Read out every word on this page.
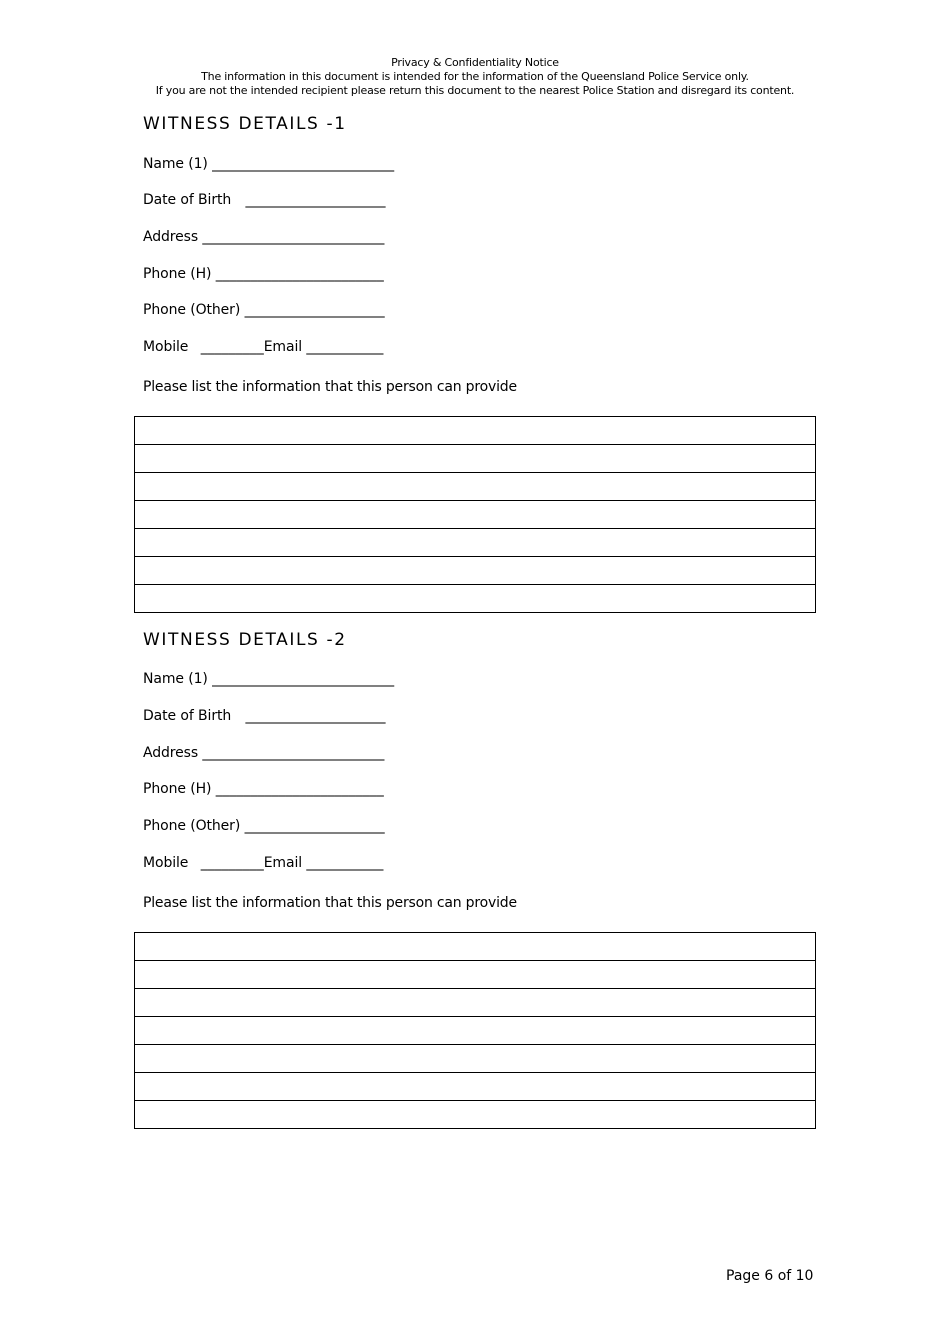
Privacy & Confidentiality Notice
The information in this document is intended for the information of the Queensland Police Service only.
If you are not the intended recipient please return this document to the nearest Police Station and disregard its content.
WITNESS DETAILS -1
Name (1) __________________________
Date of Birth ____________________
Address __________________________
Phone (H) ________________________
Phone (Other) ____________________
Mobile _________Email ___________
Please list the information that this person can provide

WITNESS DETAILS -2
Name (1) __________________________
Date of Birth ____________________
Address __________________________
Phone (H) ________________________
Phone (Other) ____________________
Mobile _________Email ___________
Please list the information that this person can provide

Page 6 of 10
